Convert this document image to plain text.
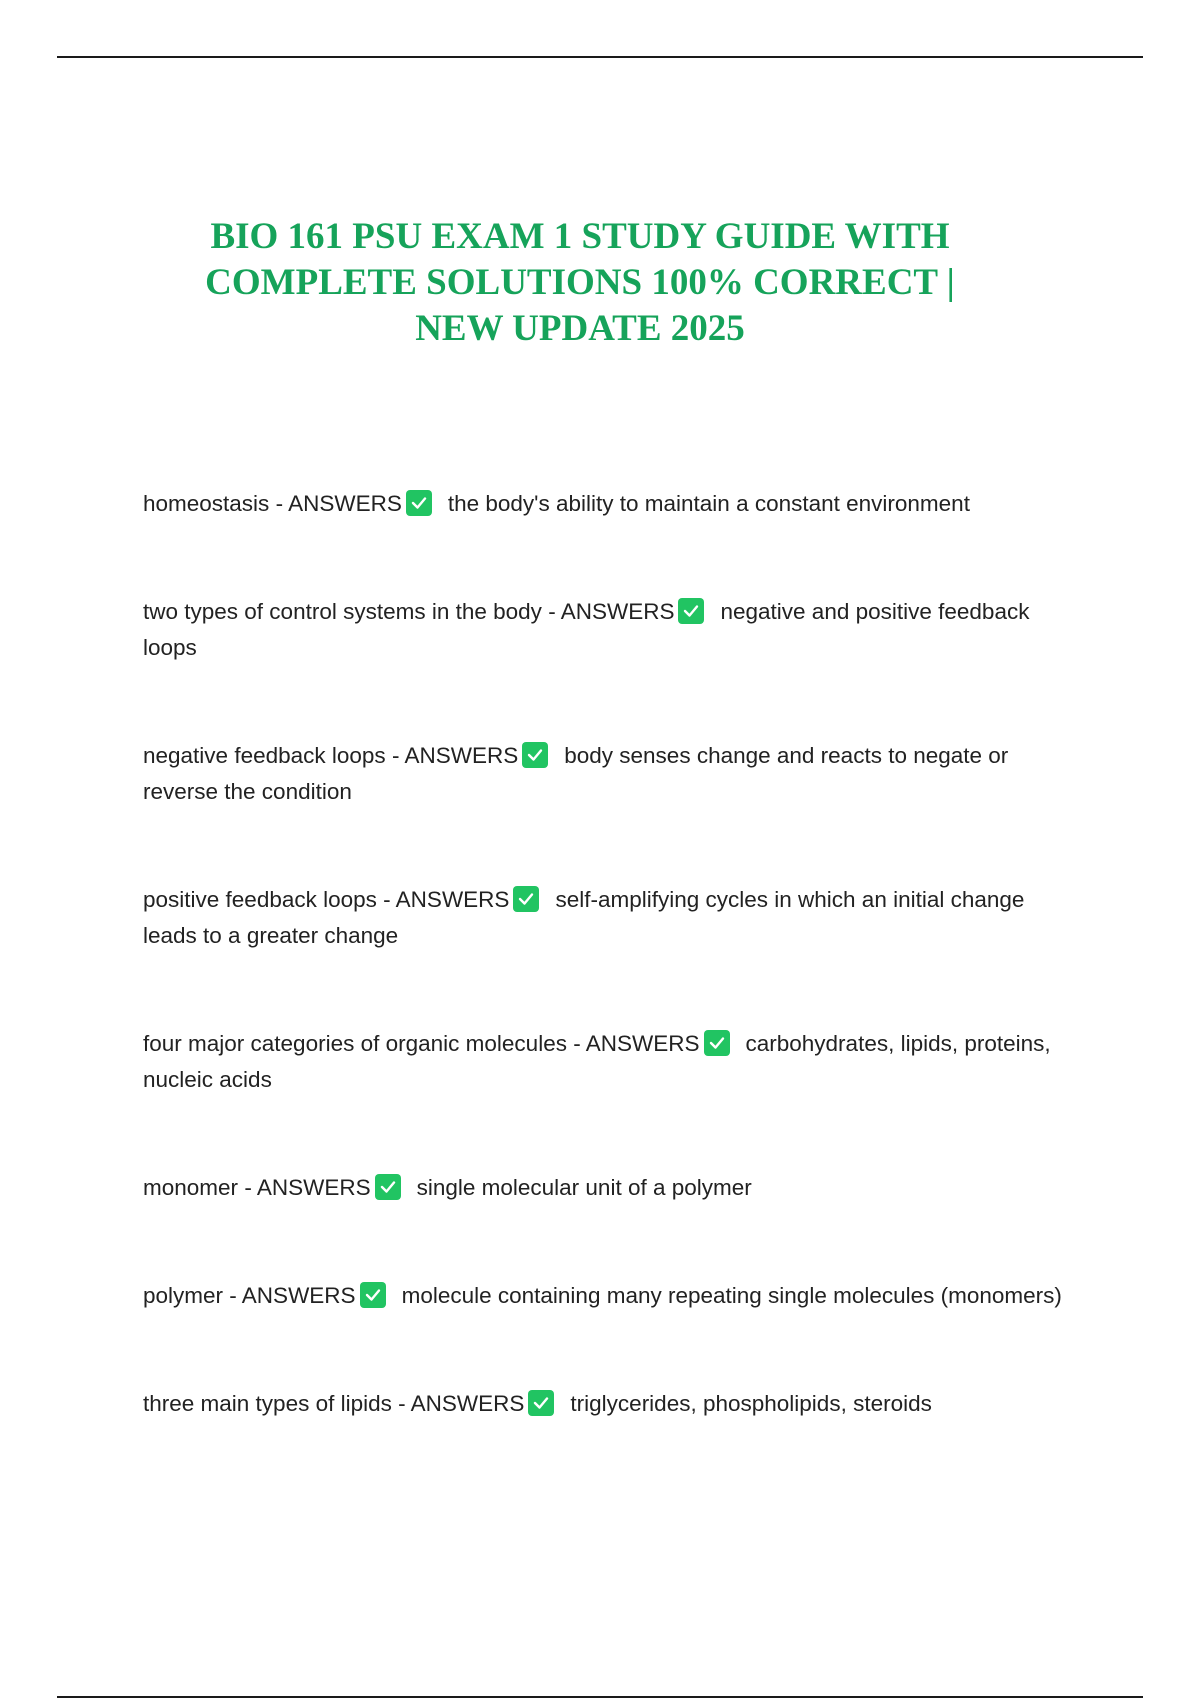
BIO 161 PSU EXAM 1 STUDY GUIDE WITH
COMPLETE SOLUTIONS 100% CORRECT |
NEW UPDATE 2025
homeostasis - ANSWERS the body's ability to maintain a constant environment
two types of control systems in the body - ANSWERS negative and positive feedback loops
negative feedback loops - ANSWERS body senses change and reacts to negate or reverse the condition
positive feedback loops - ANSWERS self-amplifying cycles in which an initial change leads to a greater change
four major categories of organic molecules - ANSWERS carbohydrates, lipids, proteins, nucleic acids
monomer - ANSWERS single molecular unit of a polymer
polymer - ANSWERS molecule containing many repeating single molecules (monomers)
three main types of lipids - ANSWERS triglycerides, phospholipids, steroids
